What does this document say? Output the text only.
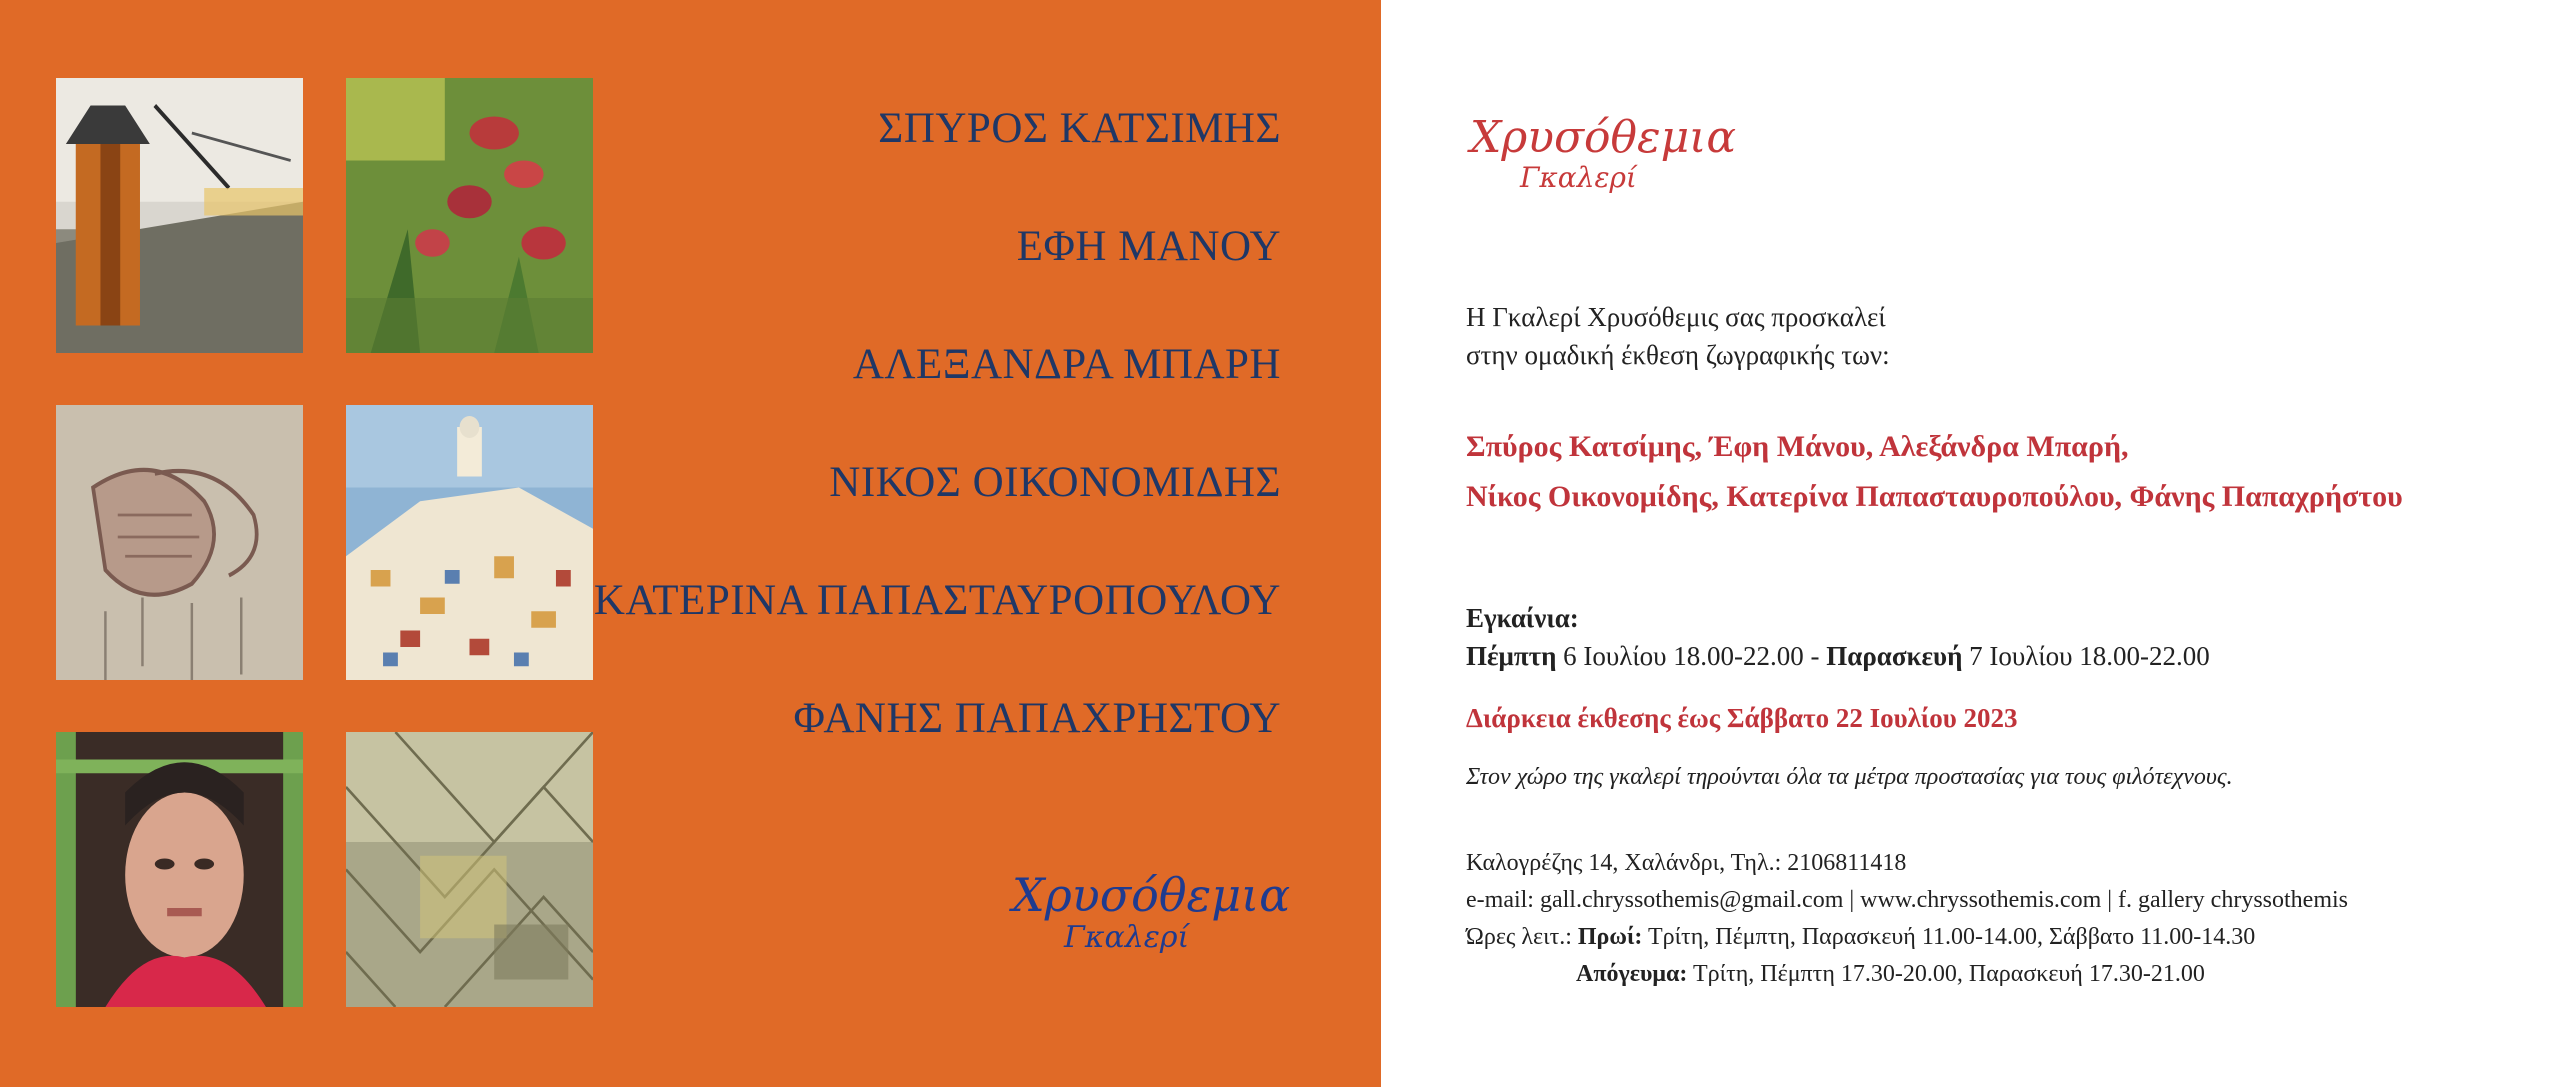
ΣΠΥΡΟΣ ΚΑΤΣΙΜΗΣ
ΕΦΗ ΜΑΝΟΥ
ΑΛΕΞΑΝΔΡΑ ΜΠΑΡΗ
ΝΙΚΟΣ ΟΙΚΟΝΟΜΙΔΗΣ
ΚΑΤΕΡΙΝΑ ΠΑΠΑΣΤΑΥΡΟΠΟΥΛΟΥ
ΦΑΝΗΣ ΠΑΠΑΧΡΗΣΤΟΥ
Χρυσόθεμια
Γκαλερί
Χρυσόθεμια
Γκαλερί
Η Γκαλερί Χρυσόθεμις σας προσκαλεί
στην ομαδική έκθεση ζωγραφικής των:
Σπύρος Κατσίμης, Έφη Μάνου, Αλεξάνδρα Μπαρή,
Νίκος Οικονομίδης, Κατερίνα Παπασταυροπούλου, Φάνης Παπαχρήστου
Εγκαίνια:
Πέμπτη 6 Ιουλίου 18.00-22.00 - Παρασκευή 7 Ιουλίου 18.00-22.00
Διάρκεια έκθεσης έως Σάββατο 22 Ιουλίου 2023
Στον χώρο της γκαλερί τηρούνται όλα τα μέτρα προστασίας για τους φιλότεχνους.
Καλογρέζης 14, Χαλάνδρι, Τηλ.: 2106811418
e-mail: gall.chryssothemis@gmail.com | www.chryssothemis.com | f. gallery chryssothemis
Ώρες λειτ.: Πρωί: Τρίτη, Πέμπτη, Παρασκευή 11.00-14.00, Σάββατο 11.00-14.30
Απόγευμα: Τρίτη, Πέμπτη 17.30-20.00, Παρασκευή 17.30-21.00
